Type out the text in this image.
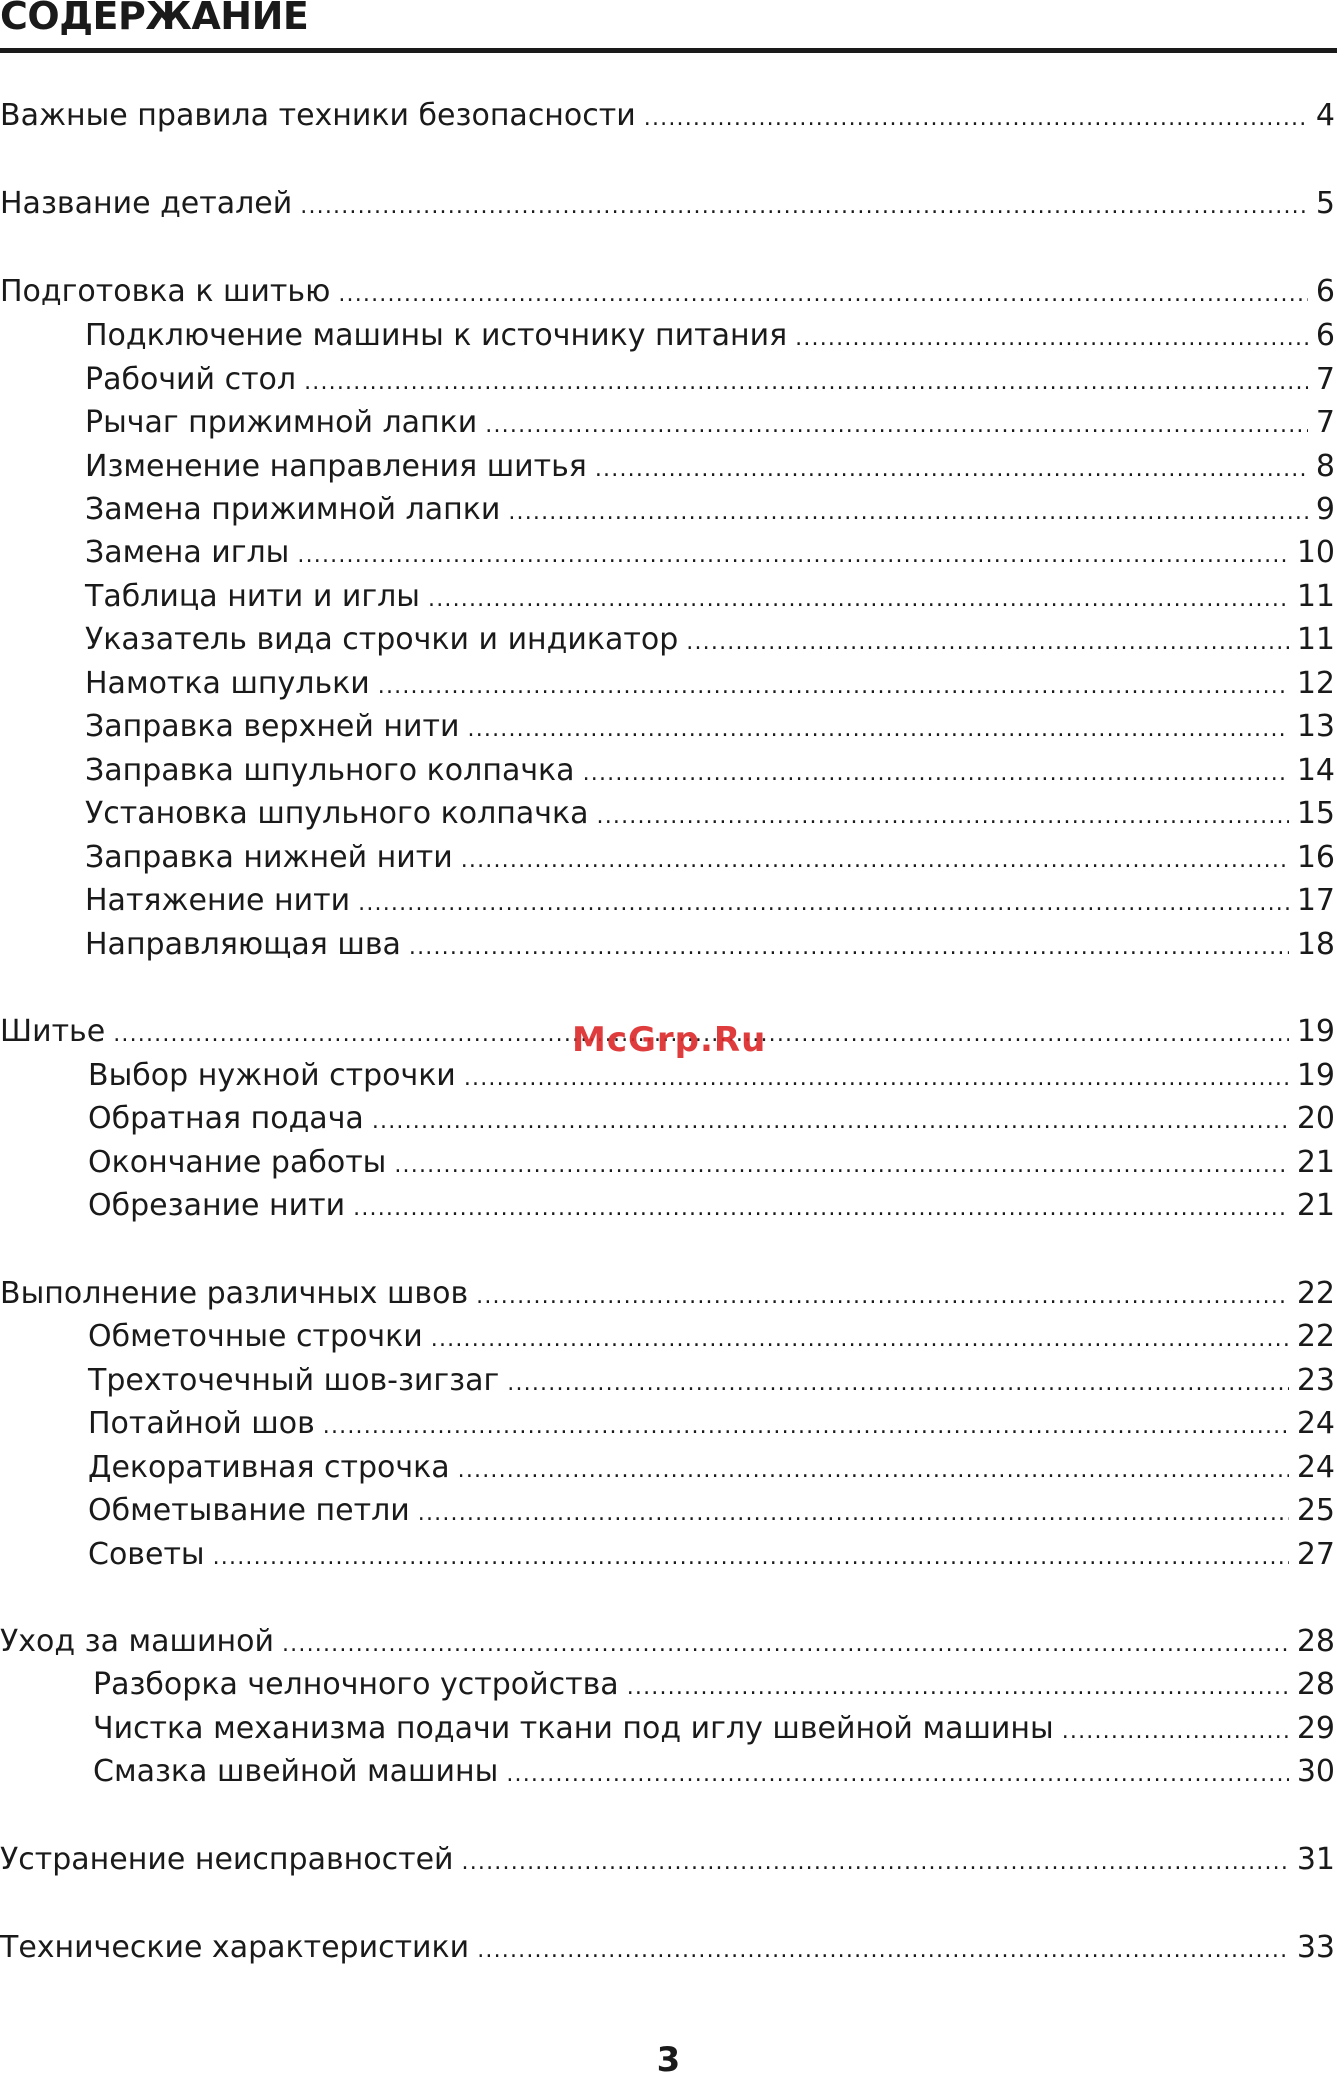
СОДЕРЖАНИЕ
Важные правила техники безопасности .....	4
Название деталей .....	5
Подготовка к шитью .....	6
Подключение машины к источнику питания .....	6
Рабочий стол .....	7
Рычаг прижимной лапки .....	7
Изменение направления шитья .....	8
Замена прижимной лапки .....	9
Замена иглы .....	10
Таблица нити и иглы .....	11
Указатель вида строчки и индикатор .....	11
Намотка шпульки .....	12
Заправка верхней нити .....	13
Заправка шпульного колпачка .....	14
Установка шпульного колпачка .....	15
Заправка нижней нити .....	16
Натяжение нити .....	17
Направляющая шва .....	18
Шитье .....	19
Выбор нужной строчки .....	19
Обратная подача .....	20
Окончание работы .....	21
Обрезание нити .....	21
Выполнение различных швов .....	22
Обметочные строчки .....	22
Трехточечный шов-зигзаг .....	23
Потайной шов .....	24
Декоративная строчка .....	24
Обметывание петли .....	25
Советы .....	27
Уход за машиной .....	28
Разборка челночного устройства .....	28
Чистка механизма подачи ткани под иглу швейной машины .....	29
Смазка швейной машины .....	30
Устранение неисправностей .....	31
Технические характеристики .....	33

McGrp.Ru

3
